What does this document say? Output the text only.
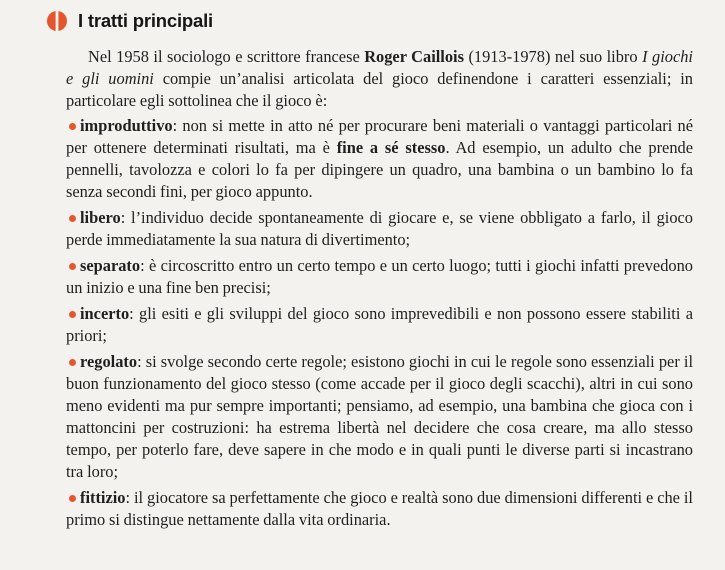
I tratti principali

Nel 1958 il sociologo e scrittore francese Roger Caillois (1913-1978) nel suo libro I giochi e gli uomini compie un’analisi articolata del gioco definendone i caratteri essenziali; in particolare egli sottolinea che il gioco è:

improduttivo: non si mette in atto né per procurare beni materiali o vantaggi particolari né per ottenere determinati risultati, ma è fine a sé stesso. Ad esempio, un adulto che prende pennelli, tavolozza e colori lo fa per dipingere un quadro, una bambina o un bambino lo fa senza secondi fini, per gioco appunto.

libero: l’individuo decide spontaneamente di giocare e, se viene obbligato a farlo, il gioco perde immediatamente la sua natura di divertimento;

separato: è circoscritto entro un certo tempo e un certo luogo; tutti i giochi infatti prevedono un inizio e una fine ben precisi;

incerto: gli esiti e gli sviluppi del gioco sono imprevedibili e non possono essere stabiliti a priori;

regolato: si svolge secondo certe regole; esistono giochi in cui le regole sono essenziali per il buon funzionamento del gioco stesso (come accade per il gioco degli scacchi), altri in cui sono meno evidenti ma pur sempre importanti; pensiamo, ad esempio, una bambina che gioca con i mattoncini per costruzioni: ha estrema libertà nel decidere che cosa creare, ma allo stesso tempo, per poterlo fare, deve sapere in che modo e in quali punti le diverse parti si incastrano tra loro;

fittizio: il giocatore sa perfettamente che gioco e realtà sono due dimensioni differenti e che il primo si distingue nettamente dalla vita ordinaria.
